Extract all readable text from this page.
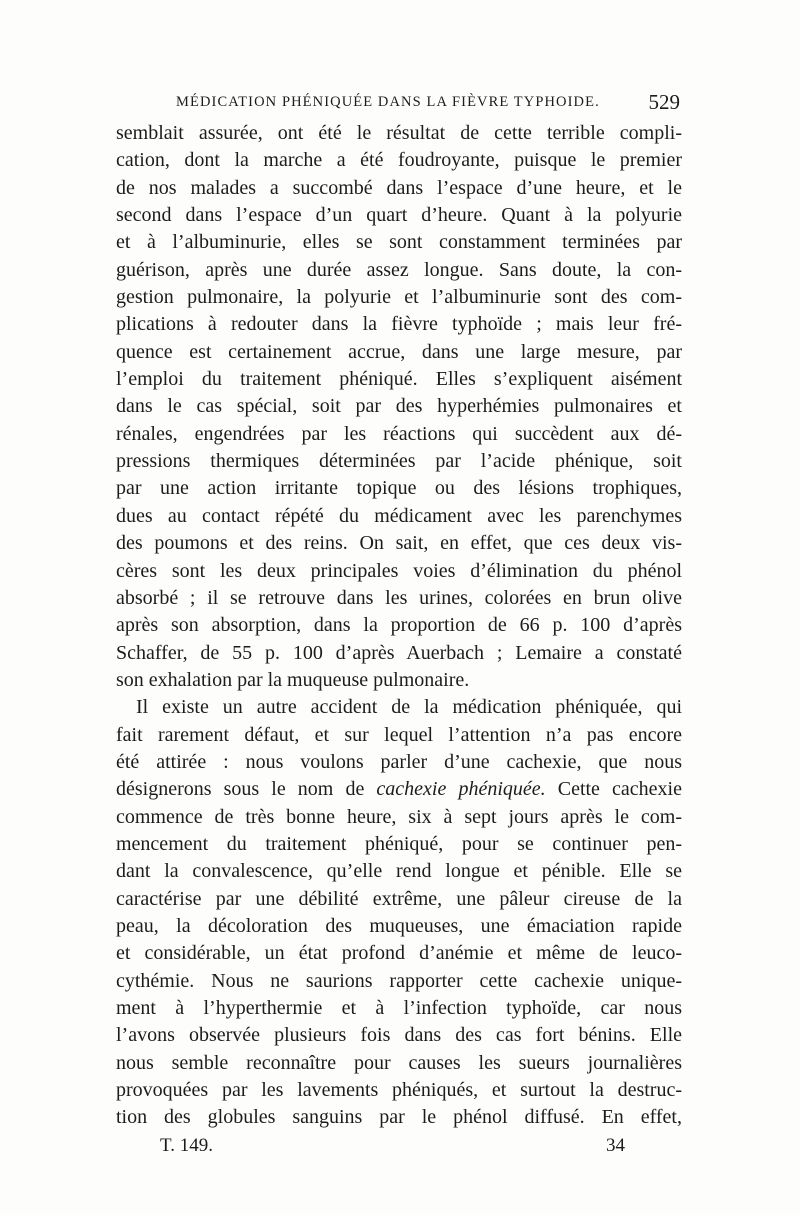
MÉDICATION PHÉNIQUÉE DANS LA FIÈVRE TYPHOIDE. 529
semblait assurée, ont été le résultat de cette terrible compli-
cation, dont la marche a été foudroyante, puisque le premier
de nos malades a succombé dans l’espace d’une heure, et le
second dans l’espace d’un quart d’heure. Quant à la polyurie
et à l’albuminurie, elles se sont constamment terminées par
guérison, après une durée assez longue. Sans doute, la con-
gestion pulmonaire, la polyurie et l’albuminurie sont des com-
plications à redouter dans la fièvre typhoïde ; mais leur fré-
quence est certainement accrue, dans une large mesure, par
l’emploi du traitement phéniqué. Elles s’expliquent aisément
dans le cas spécial, soit par des hyperhémies pulmonaires et
rénales, engendrées par les réactions qui succèdent aux dé-
pressions thermiques déterminées par l’acide phénique, soit
par une action irritante topique ou des lésions trophiques,
dues au contact répété du médicament avec les parenchymes
des poumons et des reins. On sait, en effet, que ces deux vis-
cères sont les deux principales voies d’élimination du phénol
absorbé ; il se retrouve dans les urines, colorées en brun olive
après son absorption, dans la proportion de 66 p. 100 d’après
Schaffer, de 55 p. 100 d’après Auerbach ; Lemaire a constaté
son exhalation par la muqueuse pulmonaire.
Il existe un autre accident de la médication phéniquée, qui
fait rarement défaut, et sur lequel l’attention n’a pas encore
été attirée : nous voulons parler d’une cachexie, que nous
désignerons sous le nom de cachexie phéniquée. Cette cachexie
commence de très bonne heure, six à sept jours après le com-
mencement du traitement phéniqué, pour se continuer pen-
dant la convalescence, qu’elle rend longue et pénible. Elle se
caractérise par une débilité extrême, une pâleur cireuse de la
peau, la décoloration des muqueuses, une émaciation rapide
et considérable, un état profond d’anémie et même de leuco-
cythémie. Nous ne saurions rapporter cette cachexie unique-
ment à l’hyperthermie et à l’infection typhoïde, car nous
l’avons observée plusieurs fois dans des cas fort bénins. Elle
nous semble reconnaître pour causes les sueurs journalières
provoquées par les lavements phéniqués, et surtout la destruc-
tion des globules sanguins par le phénol diffusé. En effet,
T. 149.	34
